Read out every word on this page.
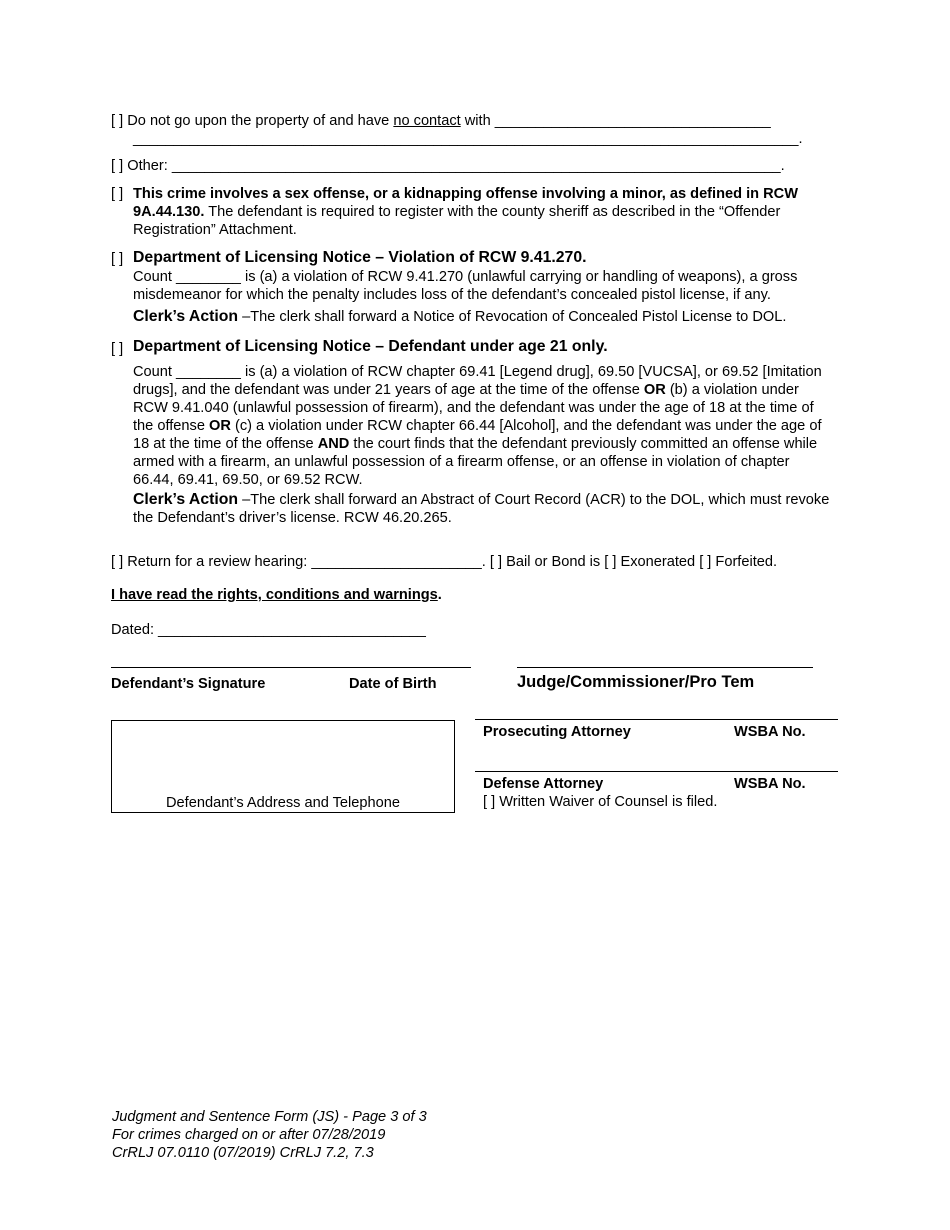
[ ] Do not go upon the property of and have no contact with __________________________________
__________________________________________________________________________________.
[ ] Other: ___________________________________________________________________________.
[ ] This crime involves a sex offense, or a kidnapping offense involving a minor, as defined in RCW 9A.44.130. The defendant is required to register with the county sheriff as described in the “Offender Registration” Attachment.
[ ] Department of Licensing Notice – Violation of RCW 9.41.270.
Count ________ is (a) a violation of RCW 9.41.270 (unlawful carrying or handling of weapons), a gross misdemeanor for which the penalty includes loss of the defendant’s concealed pistol license, if any.
Clerk’s Action –The clerk shall forward a Notice of Revocation of Concealed Pistol License to DOL.
[ ] Department of Licensing Notice – Defendant under age 21 only.
Count ________ is (a) a violation of RCW chapter 69.41 [Legend drug], 69.50 [VUCSA], or 69.52 [Imitation drugs], and the defendant was under 21 years of age at the time of the offense OR (b) a violation under RCW 9.41.040 (unlawful possession of firearm), and the defendant was under the age of 18 at the time of the offense OR (c) a violation under RCW chapter 66.44 [Alcohol], and the defendant was under the age of 18 at the time of the offense AND the court finds that the defendant previously committed an offense while armed with a firearm, an unlawful possession of a firearm offense, or an offense in violation of chapter 66.44, 69.41, 69.50, or 69.52 RCW.
Clerk’s Action –The clerk shall forward an Abstract of Court Record (ACR) to the DOL, which must revoke the Defendant’s driver’s license. RCW 46.20.265.
[ ] Return for a review hearing: _____________________. [ ] Bail or Bond is [ ] Exonerated [ ] Forfeited.
I have read the rights, conditions and warnings.
Dated: _________________________________
Defendant’s Signature	Date of Birth	Judge/Commissioner/Pro Tem
Defendant’s Address and Telephone
Prosecuting Attorney	WSBA No.
Defense Attorney	WSBA No.
[ ] Written Waiver of Counsel is filed.
Judgment and Sentence Form (JS) - Page 3 of 3
For crimes charged on or after 07/28/2019
CrRLJ 07.0110 (07/2019) CrRLJ 7.2, 7.3
